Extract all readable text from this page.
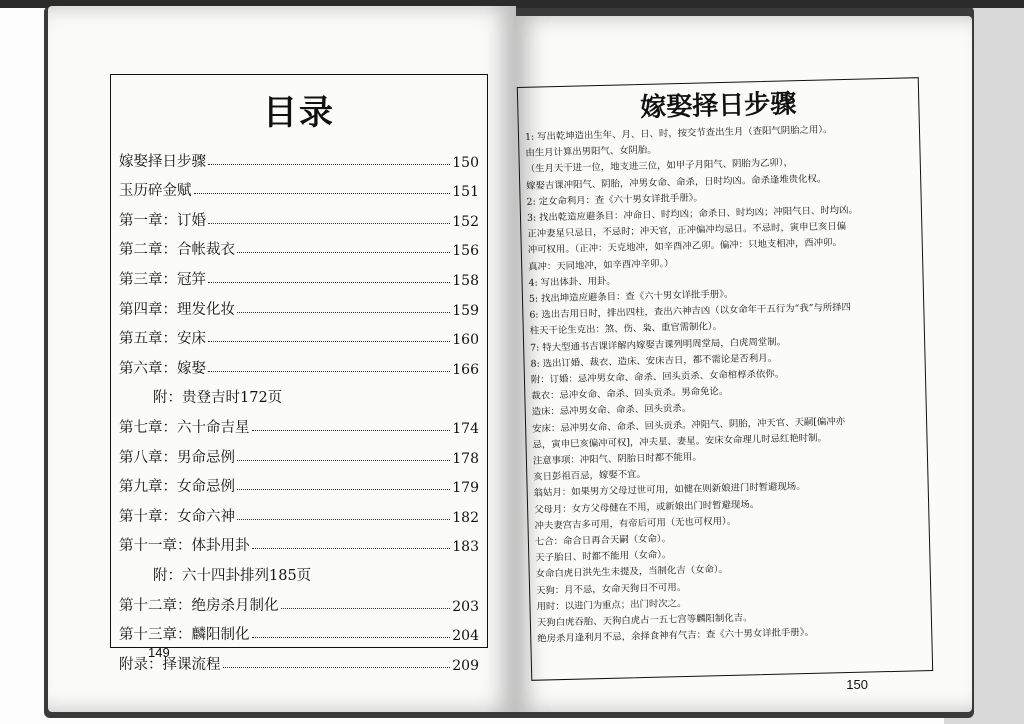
目录
嫁娶择日步骤	150
玉历碎金赋	151
第一章：订婚	152
第二章：合帐裁衣	156
第三章：冠笄	158
第四章：理发化妆	159
第五章：安床	160
第六章：嫁娶	166
附：贵登吉时172页
第七章：六十命吉星	174
第八章：男命忌例	178
第九章：女命忌例	179
第十章：女命六神	182
第十一章：体卦用卦	183
附：六十四卦排列185页
第十二章：绝房杀月制化	203
第十三章：麟阳制化	204
附录：择课流程	209
149
嫁娶择日步骤
1: 写出乾坤造出生年、月、日、时，按交节查出生月（查阳气阴胎之用）。
由生月计算出男阳气、女阴胎。
（生月天干进一位，地支进三位，如甲子月阳气、阴胎为乙卯），
嫁娶吉课冲阳气、阴胎，冲男女命、命杀，日时均凶。命杀逢堆贵化权。
2: 定女命利月：查《六十男女详批手册》。
3: 找出乾造应避条目：冲命日、时均凶；命杀日、时均凶；冲阳气日、时均凶。
正冲妻星只忌日，不忌时；冲天官，正冲偏冲均忌日。不忌时，寅申巳亥日偏
冲可权用。（正冲：天克地冲，如辛酉冲乙卯。偏冲：只地支相冲，酉冲卯。
真冲：天同地冲，如辛酉冲辛卯。）
4: 写出体卦、用卦。
5: 找出坤造应避条目：查《六十男女详批手册》。
6: 选出吉用日时，排出四柱，查出六神吉凶（以女命年干五行为“我”与所择四
柱天干论生克出：煞、伤、枭、重官需制化）。
7: 特大型通书吉课详解内嫁娶吉课列明周堂局，白虎周堂制。
8: 选出订婚、裁衣、造床、安床吉日，都不需论是否利月。
附：订婚：忌冲男女命、命杀、回头贡杀、女命棺椁杀依你。
裁衣：忌冲女命、命杀、回头贡杀。男命免论。
造床：忌冲男女命、命杀、回头贡杀。
安床：忌冲男女命、命杀、回头贡杀。冲阳气、阴胎，冲天官、天嗣[偏冲亦
忌，寅申巳亥偏冲可权]，冲夫星、妻星。安床女命理儿时忌红艳时制。
注意事项：冲阳气、阴胎日时都不能用。
亥日彭祖百忌，嫁娶不宜。
翁姑月：如果男方父母过世可用，如健在则新娘进门时暂避现场。
父母月：女方父母健在不用，或新娘出门时暂避现场。
冲夫妻宫吉多可用，有帝后可用（无也可权用）。
七合：命合日再合天嗣（女命）。
天子胎日、时都不能用（女命）。
女命白虎日洪先生未提及，当制化吉（女命）。
天狗：月不忌，女命天狗日不可用。
用时：以进门为重点；出门时次之。
天狗白虎吞胎、天狗白虎占一五七宫等麟阳制化吉。
绝房杀月逢利月不忌，余择食神有气吉：查《六十男女详批手册》。
150
